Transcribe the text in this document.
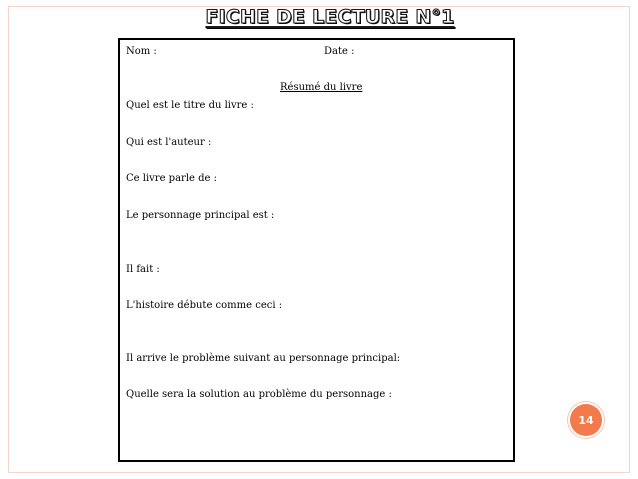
FICHE DE LECTURE N°1
Nom :	Date :
Résumé du livre
Quel est le titre du livre :
Qui est l'auteur :
Ce livre parle de :
Le personnage principal est :
Il fait :
L'histoire débute comme ceci :
Il arrive le problème suivant au personnage principal:
Quelle sera la solution au problème du personnage :
14
